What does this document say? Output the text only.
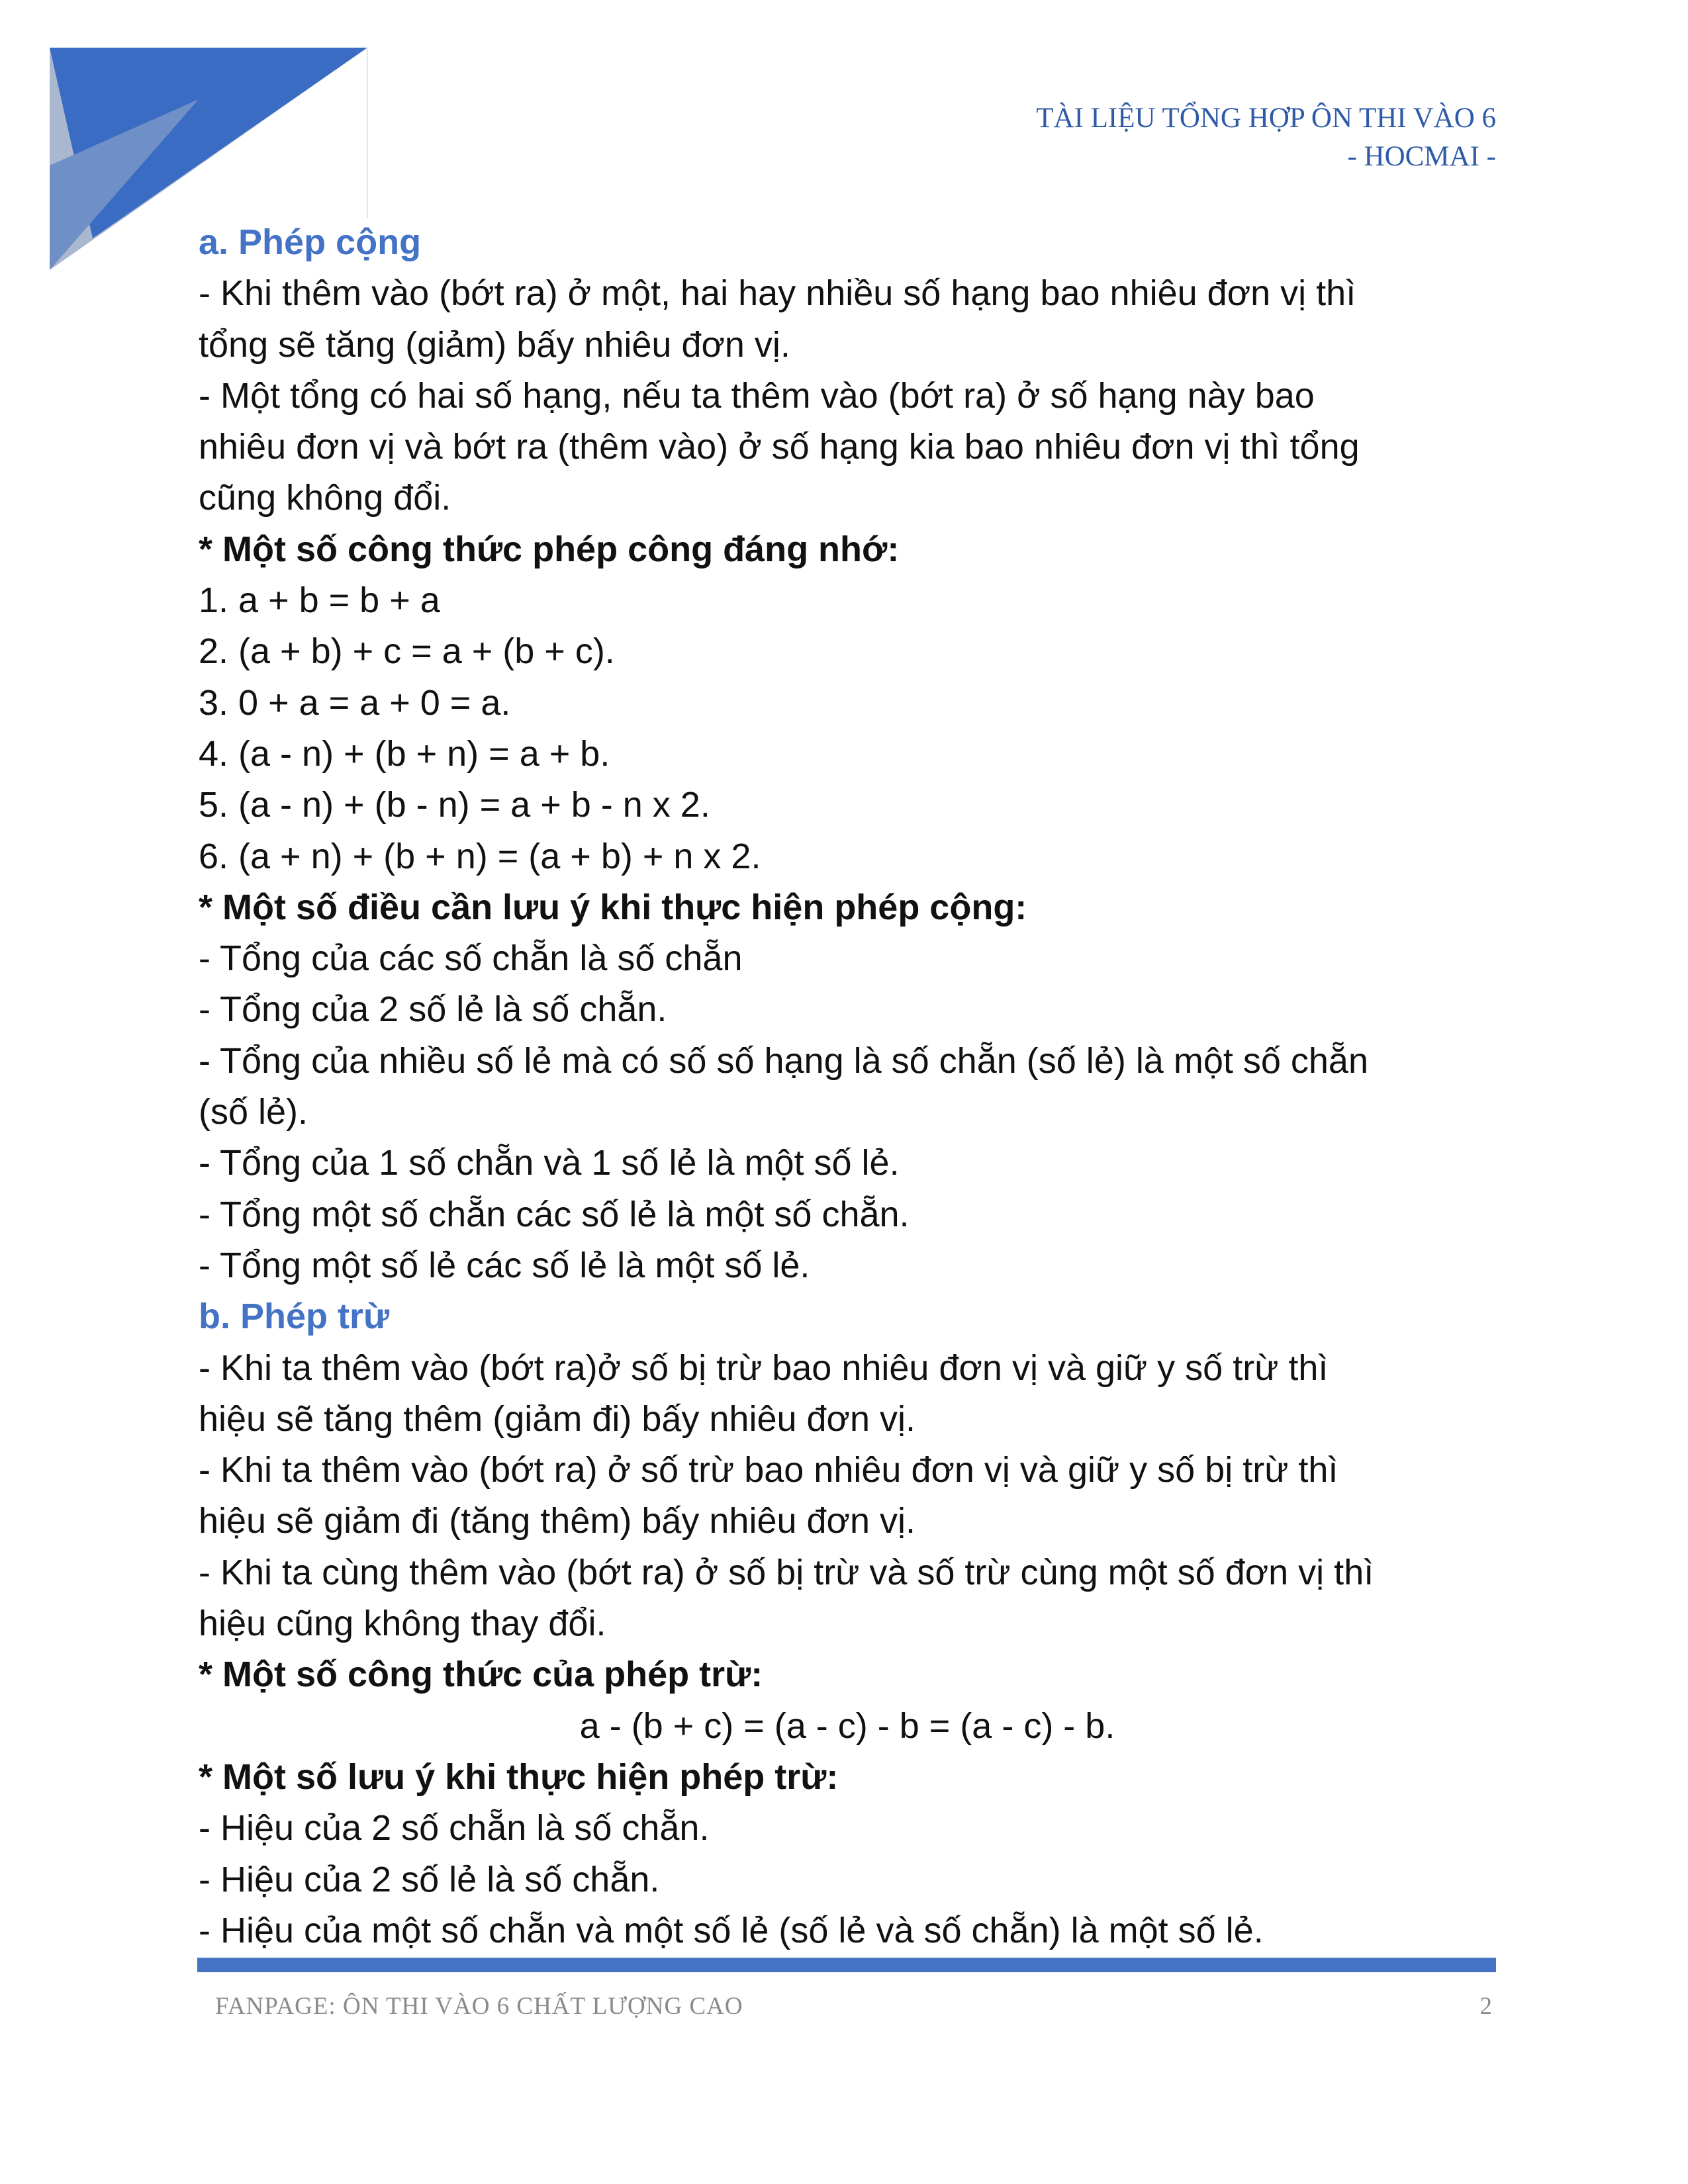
TÀI LIỆU TỔNG HỢP ÔN THI VÀO 6
- HOCMAI -
a. Phép cộng
- Khi thêm vào (bớt ra) ở một, hai hay nhiều số hạng bao nhiêu đơn vị thì
tổng sẽ tăng (giảm) bấy nhiêu đơn vị.
- Một tổng có hai số hạng, nếu ta thêm vào (bớt ra) ở số hạng này bao
nhiêu đơn vị và bớt ra (thêm vào) ở số hạng kia bao nhiêu đơn vị thì tổng
cũng không đổi.
* Một số công thức phép công đáng nhớ:
1. a + b = b + a
2. (a + b) + c = a + (b + c).
3. 0 + a = a + 0 = a.
4. (a - n) + (b + n) = a + b.
5. (a - n) + (b - n) = a + b - n x 2.
6. (a + n) + (b + n) = (a + b) + n x 2.
* Một số điều cần lưu ý khi thực hiện phép cộng:
- Tổng của các số chẵn là số chẵn
- Tổng của 2 số lẻ là số chẵn.
- Tổng của nhiều số lẻ mà có số số hạng là số chẵn (số lẻ) là một số chẵn
(số lẻ).
- Tổng của 1 số chẵn và 1 số lẻ là một số lẻ.
- Tổng một số chẵn các số lẻ là một số chẵn.
- Tổng một số lẻ các số lẻ là một số lẻ.
b. Phép trừ
- Khi ta thêm vào (bớt ra)ở số bị trừ bao nhiêu đơn vị và giữ y số trừ thì
hiệu sẽ tăng thêm (giảm đi) bấy nhiêu đơn vị.
- Khi ta thêm vào (bớt ra) ở số trừ bao nhiêu đơn vị và giữ y số bị trừ thì
hiệu sẽ giảm đi (tăng thêm) bấy nhiêu đơn vị.
- Khi ta cùng thêm vào (bớt ra) ở số bị trừ và số trừ cùng một số đơn vị thì
hiệu cũng không thay đổi.
* Một số công thức của phép trừ:
a - (b + c) = (a - c) - b = (a - c) - b.
* Một số lưu ý khi thực hiện phép trừ:
- Hiệu của 2 số chẵn là số chẵn.
- Hiệu của 2 số lẻ là số chẵn.
- Hiệu của một số chẵn và một số lẻ (số lẻ và số chẵn) là một số lẻ.
FANPAGE: ÔN THI VÀO 6 CHẤT LƯỢNG CAO	2
